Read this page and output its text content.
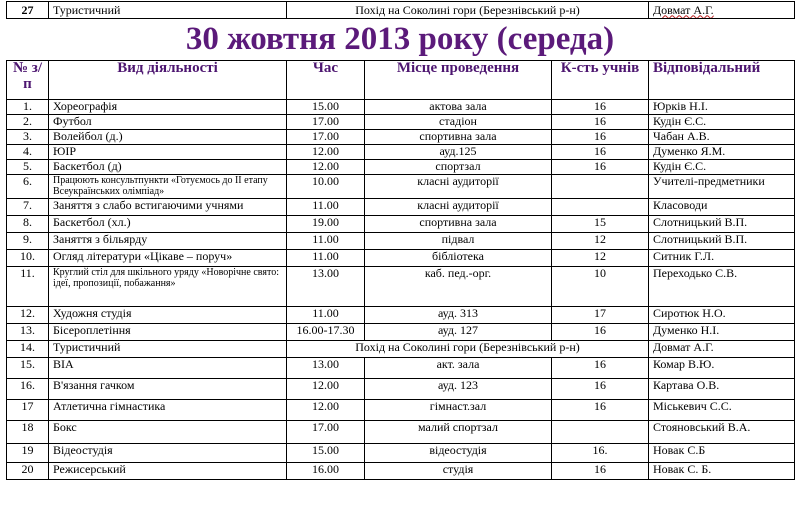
27	Туристичний	Похід на Соколині гори (Березнівський р-н)	Довмат А.Г.
30 жовтня 2013 року (середа)
№ з/п	Вид діяльності	Час	Місце проведення	К-сть учнів	Відповідальний
1.	Хореографія	15.00	актова зала	16	Юрків Н.І.
2.	Футбол	17.00	стадіон	16	Кудін Є.С.
3.	Волейбол (д.)	17.00	спортивна зала	16	Чабан А.В.
4.	ЮІР	12.00	ауд.125	16	Думенко Я.М.
5.	Баскетбол (д)	12.00	спортзал	16	Кудін Є.С.
6.	Працюють консультпункти «Готуємось до ІІ етапу Всеукраїнських олімпіад»	10.00	класні аудиторії		Учителі-предметники
7.	Заняття з слабо встигаючими учнями	11.00	класні аудиторії		Класоводи
8.	Баскетбол (хл.)	19.00	спортивна зала	15	Слотницький В.П.
9.	Заняття з більярду	11.00	підвал	12	Слотницький В.П.
10.	Огляд літератури «Цікаве – поруч»	11.00	бібліотека	12	Ситник Г.Л.
11.	Круглий стіл для шкільного уряду «Новорічне свято: ідеї, пропозиції, побажання»	13.00	каб. пед.-орг.	10	Переходько С.В.
12.	Художня студія	11.00	ауд. 313	17	Сиротюк Н.О.
13.	Бісероплетіння	16.00-17.30	ауд. 127	16	Думенко Н.І.
14.	Туристичний	Похід на Соколині гори (Березнівський р-н)			Довмат А.Г.
15.	ВІА	13.00	акт. зала	16	Комар В.Ю.
16.	В'язання гачком	12.00	ауд. 123	16	Картава О.В.
17	Атлетична гімнастика	12.00	гімнаст.зал	16	Міськевич С.С.
18	Бокс	17.00	малий спортзал		Стояновський В.А.
19	Відеостудія	15.00	відеостудія	16.	Новак С.Б
20	Режисерський	16.00	студія	16	Новак С. Б.
